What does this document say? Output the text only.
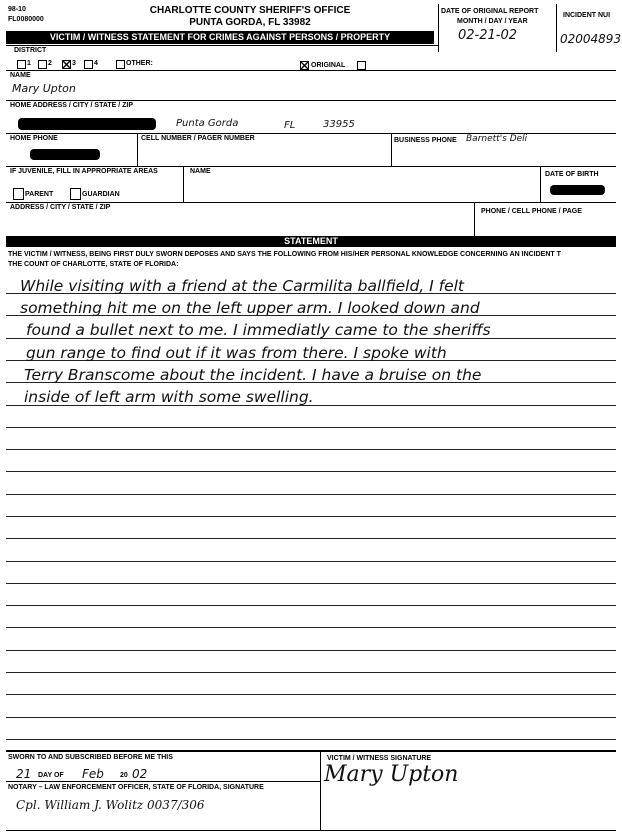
98-10
FL0080000
CHARLOTTE COUNTY SHERIFF'S OFFICE
PUNTA GORDA, FL 33982
DATE OF ORIGINAL REPORT
MONTH / DAY / YEAR
02-21-02
INCIDENT NUI
02004893
VICTIM / WITNESS STATEMENT FOR CRIMES AGAINST PERSONS / PROPERTY
DISTRICT
1 2	3	4	OTHER:	ORIGINAL
NAME
Mary Upton
HOME ADDRESS / CITY / STATE / ZIP
Punta Gorda	FL	33955
HOME PHONE	CELL NUMBER / PAGER NUMBER	BUSINESS PHONE Barnett's Deli
IF JUVENILE, FILL IN APPROPRIATE AREAS	NAME	DATE OF BIRTH
PARENT	GUARDIAN
ADDRESS / CITY / STATE / ZIP
PHONE / CELL PHONE / PAGE
STATEMENT
THE VICTIM / WITNESS, BEING FIRST DULY SWORN DEPOSES AND SAYS THE FOLLOWING FROM HIS/HER PERSONAL KNOWLEDGE CONCERNING AN INCIDENT T
THE COUNT OF CHARLOTTE, STATE OF FLORIDA:
While visiting with a friend at the Carmilita ballfield, I felt
something hit me on the left upper arm. I looked down and
found a bullet next to me. I immediatly came to the sheriffs
gun range to find out if it was from there. I spoke with
Terry Branscome about the incident. I have a bruise on the
inside of left arm with some swelling.
SWORN TO AND SUBSCRIBED BEFORE ME THIS
21 DAY OF Feb 20 02
NOTARY – LAW ENFORCEMENT OFFICER, STATE OF FLORIDA, SIGNATURE
Cpl. William J. Wolitz 0037/306
VICTIM / WITNESS SIGNATURE
Mary Upton
